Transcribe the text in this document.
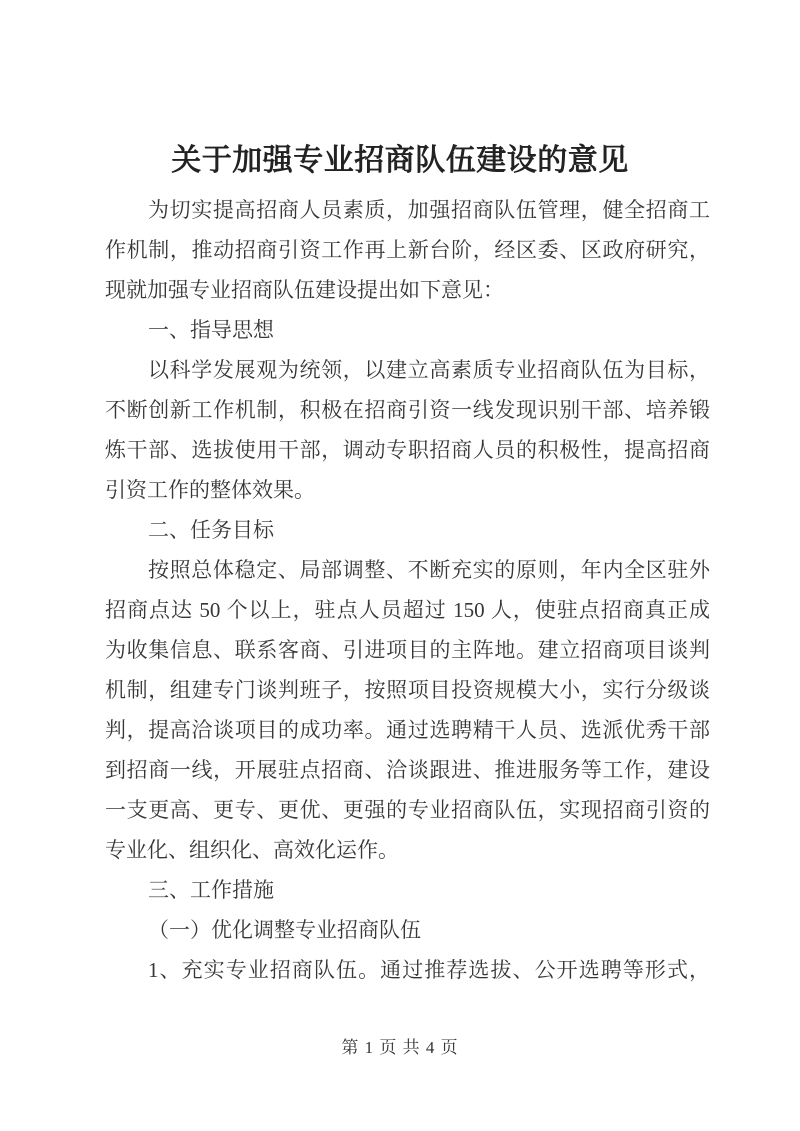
关于加强专业招商队伍建设的意见
为切实提高招商人员素质，加强招商队伍管理，健全招商工
作机制，推动招商引资工作再上新台阶，经区委、区政府研究，
现就加强专业招商队伍建设提出如下意见：
一、指导思想
以科学发展观为统领，以建立高素质专业招商队伍为目标，
不断创新工作机制，积极在招商引资一线发现识别干部、培养锻
炼干部、选拔使用干部，调动专职招商人员的积极性，提高招商
引资工作的整体效果。
二、任务目标
按照总体稳定、局部调整、不断充实的原则，年内全区驻外
招商点达 50 个以上，驻点人员超过 150 人，使驻点招商真正成
为收集信息、联系客商、引进项目的主阵地。建立招商项目谈判
机制，组建专门谈判班子，按照项目投资规模大小，实行分级谈
判，提高洽谈项目的成功率。通过选聘精干人员、选派优秀干部
到招商一线，开展驻点招商、洽谈跟进、推进服务等工作，建设
一支更高、更专、更优、更强的专业招商队伍，实现招商引资的
专业化、组织化、高效化运作。
三、工作措施
（一）优化调整专业招商队伍
1、充实专业招商队伍。通过推荐选拔、公开选聘等形式，
第 1 页 共 4 页
